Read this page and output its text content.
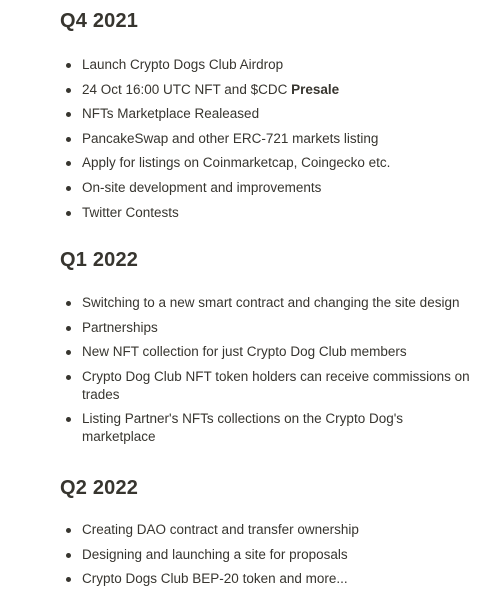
Q4 2021
Launch Crypto Dogs Club Airdrop
24 Oct 16:00 UTC NFT and $CDC Presale
NFTs Marketplace Realeased
PancakeSwap and other ERC-721 markets listing
Apply for listings on Coinmarketcap, Coingecko etc.
On-site development and improvements
Twitter Contests
Q1 2022
Switching to a new smart contract and changing the site design
Partnerships
New NFT collection for just Crypto Dog Club members
Crypto Dog Club NFT token holders can receive commissions on trades
Listing Partner's NFTs collections on the Crypto Dog's marketplace
Q2 2022
Creating DAO contract and transfer ownership
Designing and launching a site for proposals
Crypto Dogs Club BEP-20 token and more...
